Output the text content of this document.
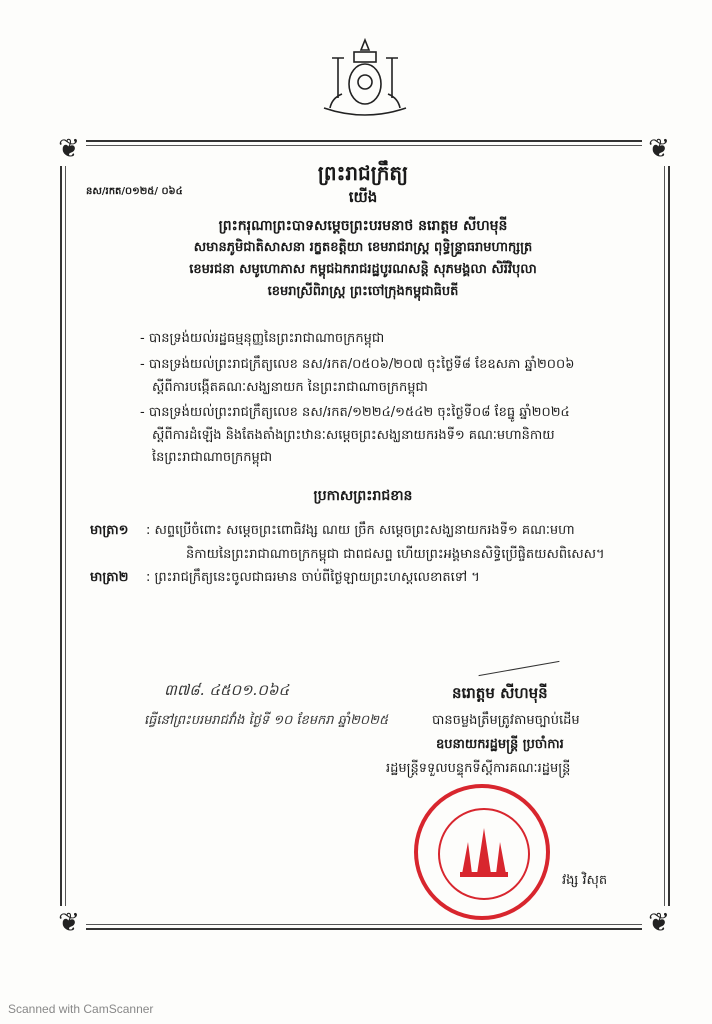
❦	❦
❦	❦
នស/រកត/០១២៥/ ០៦៤
ព្រះរាជក្រឹត្យ
យើង
ព្រះករុណាព្រះបាទសម្តេចព្រះបរមនាថ នរោត្តម សីហមុនី
សមានភូមិជាតិសាសនា រក្ខតខត្តិយា ខេមរាជរាស្ត្រ ពុទ្ធិន្ទ្រាធរាមហាក្សត្រ
ខេមរជនា សមូហោភាស កម្ពុជឯករាជរដ្ឋបូរណសន្តិ សុភមង្គលា សិរីវិបុលា
ខេមរាស្រីពិរាស្ត្រ ព្រះចៅក្រុងកម្ពុជាធិបតី
- បានទ្រង់យល់រដ្ឋធម្មនុញ្ញនៃព្រះរាជាណាចក្រកម្ពុជា
- បានទ្រង់យល់ព្រះរាជក្រឹត្យលេខ នស/រកត/០៥០៦/២០៧ ចុះថ្ងៃទី៨ ខែឧសភា ឆ្នាំ២០០៦
ស្តីពីការបង្កើតគណៈសង្ឃនាយក នៃព្រះរាជាណាចក្រកម្ពុជា
- បានទ្រង់យល់ព្រះរាជក្រឹត្យលេខ នស/រកត/១២២៤/១៥៤២ ចុះថ្ងៃទី០៨ ខែធ្នូ ឆ្នាំ២០២៤
ស្តីពីការដំឡើង និងតែងតាំងព្រះឋានៈសម្តេចព្រះសង្ឃនាយករងទី១ គណៈមហានិកាយ
នៃព្រះរាជាណាចក្រកម្ពុជា
ប្រកាសព្រះរាជខាន
មាត្រា១ : សព្ទប្រើចំពោះ សម្តេចព្រះពោធិវង្ស ណយ ច្រឹក សម្តេចព្រះសង្ឃនាយករងទី១ គណៈមហា
និកាយនៃព្រះរាជាណាចក្រកម្ពុជា ជាពជសព្ទ ហើយព្រះអង្គមានសិទ្ធិប្រើផ្ចិតយសពិសេស។
មាត្រា២ : ព្រះរាជក្រឹត្យនេះចូលជាធរមាន ចាប់ពីថ្ងៃឡាយព្រះហស្តលេខាតទៅ ។
៣៧៨. ៤៥០១.០៦៤
ធ្វើនៅព្រះបរមរាជវាំង ថ្ងៃទី ១០ ខែមករា ឆ្នាំ២០២៥
នរោត្តម សីហមុនី
បានចម្លងត្រឹមត្រូវតាមច្បាប់ដើម
ឧបនាយករដ្ឋមន្ត្រី ប្រចាំការ
រដ្ឋមន្ត្រីទទួលបន្ទុកទីស្តីការគណៈរដ្ឋមន្ត្រី
វង្ស វិសុត
Scanned with CamScanner
